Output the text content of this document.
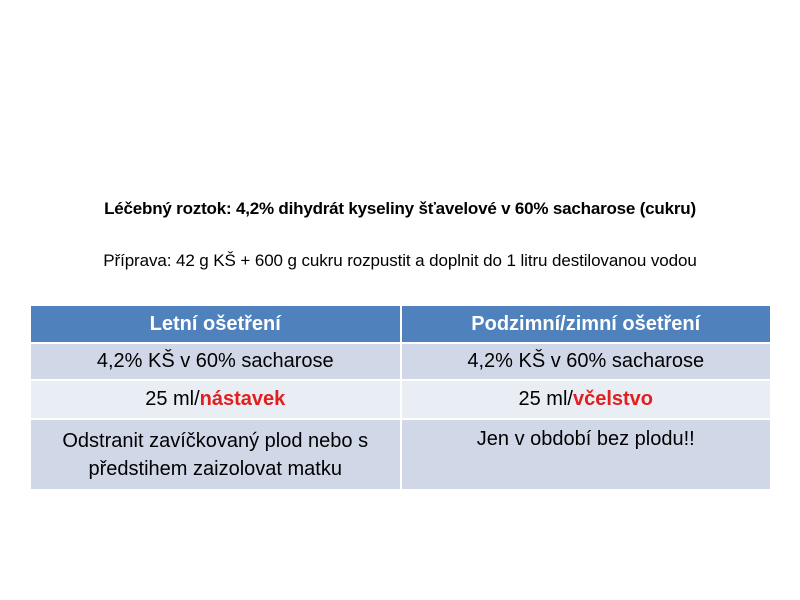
Léčebný roztok: 4,2% dihydrát kyseliny šťavelové v 60% sacharose (cukru)
Příprava: 42 g KŠ + 600 g cukru rozpustit a doplnit do 1 litru destilovanou vodou
Letní ošetření	Podzimní/zimní ošetření
4,2% KŠ v 60% sacharose	4,2% KŠ v 60% sacharose
25 ml/nástavek	25 ml/včelstvo
Odstranit zavíčkovaný plod nebo s
předstihem zaizolovat matku	Jen v období bez plodu!!
